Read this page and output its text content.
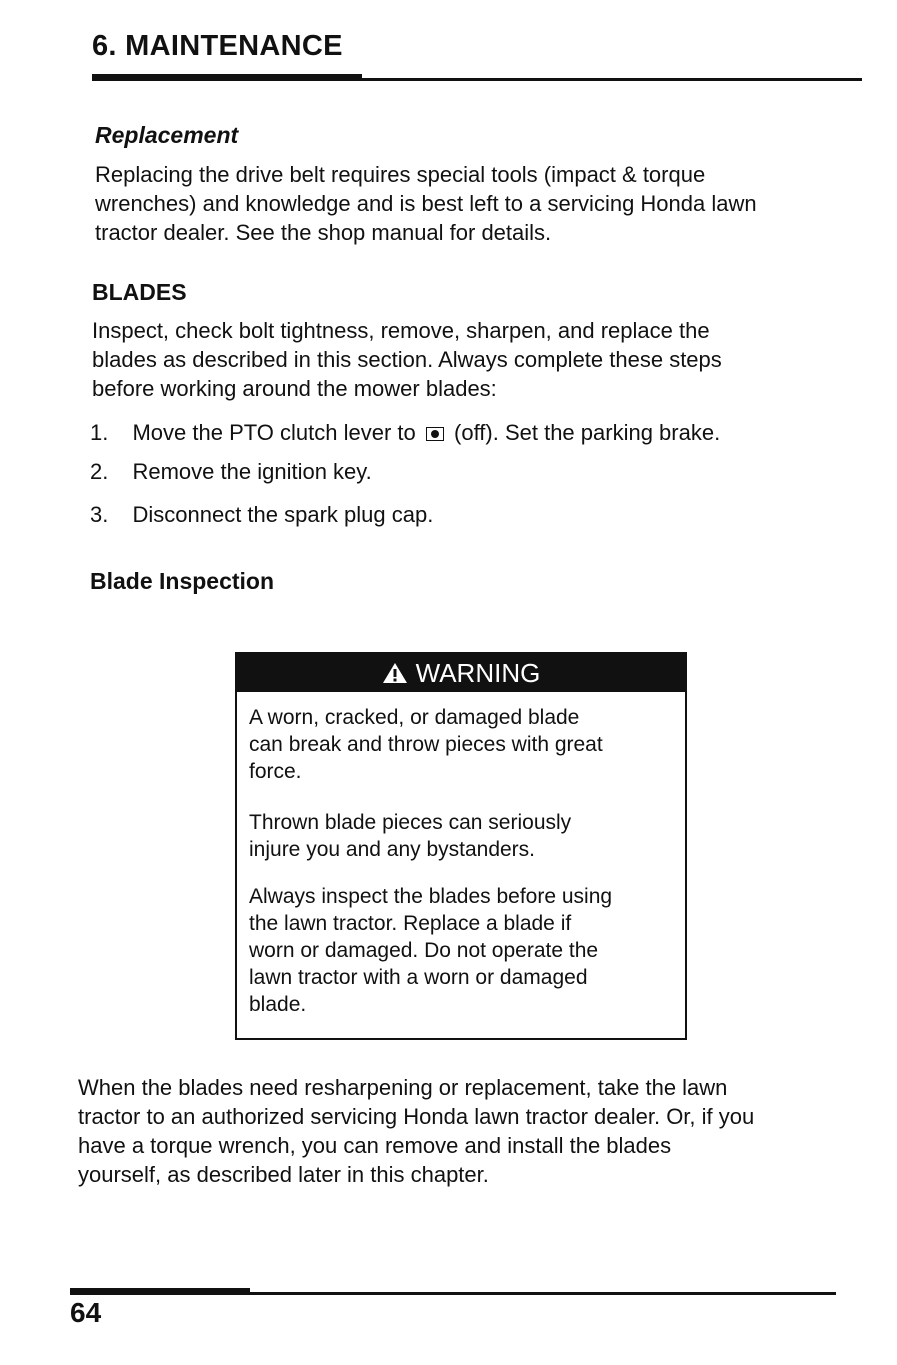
6. MAINTENANCE
Replacement

Replacing the drive belt requires special tools (impact & torque

wrenches) and knowledge and is best left to a servicing Honda lawn

tractor dealer. See the shop manual for details.

BLADES

Inspect, check bolt tightness, remove, sharpen, and replace the

blades as described in this section. Always complete these steps

before working around the mower blades:

1. Move the PTO clutch lever to (off). Set the parking brake.
2. Remove the ignition key.
3. Disconnect the spark plug cap.
Blade Inspection
WARNING

A worn, cracked, or damaged blade
can break and throw pieces with great
force.

Thrown blade pieces can seriously
injure you and any bystanders.

Always inspect the blades before using
the lawn tractor. Replace a blade if
worn or damaged. Do not operate the
lawn tractor with a worn or damaged
blade.

When the blades need resharpening or replacement, take the lawn

tractor to an authorized servicing Honda lawn tractor dealer. Or, if you

have a torque wrench, you can remove and install the blades

yourself, as described later in this chapter.

64
